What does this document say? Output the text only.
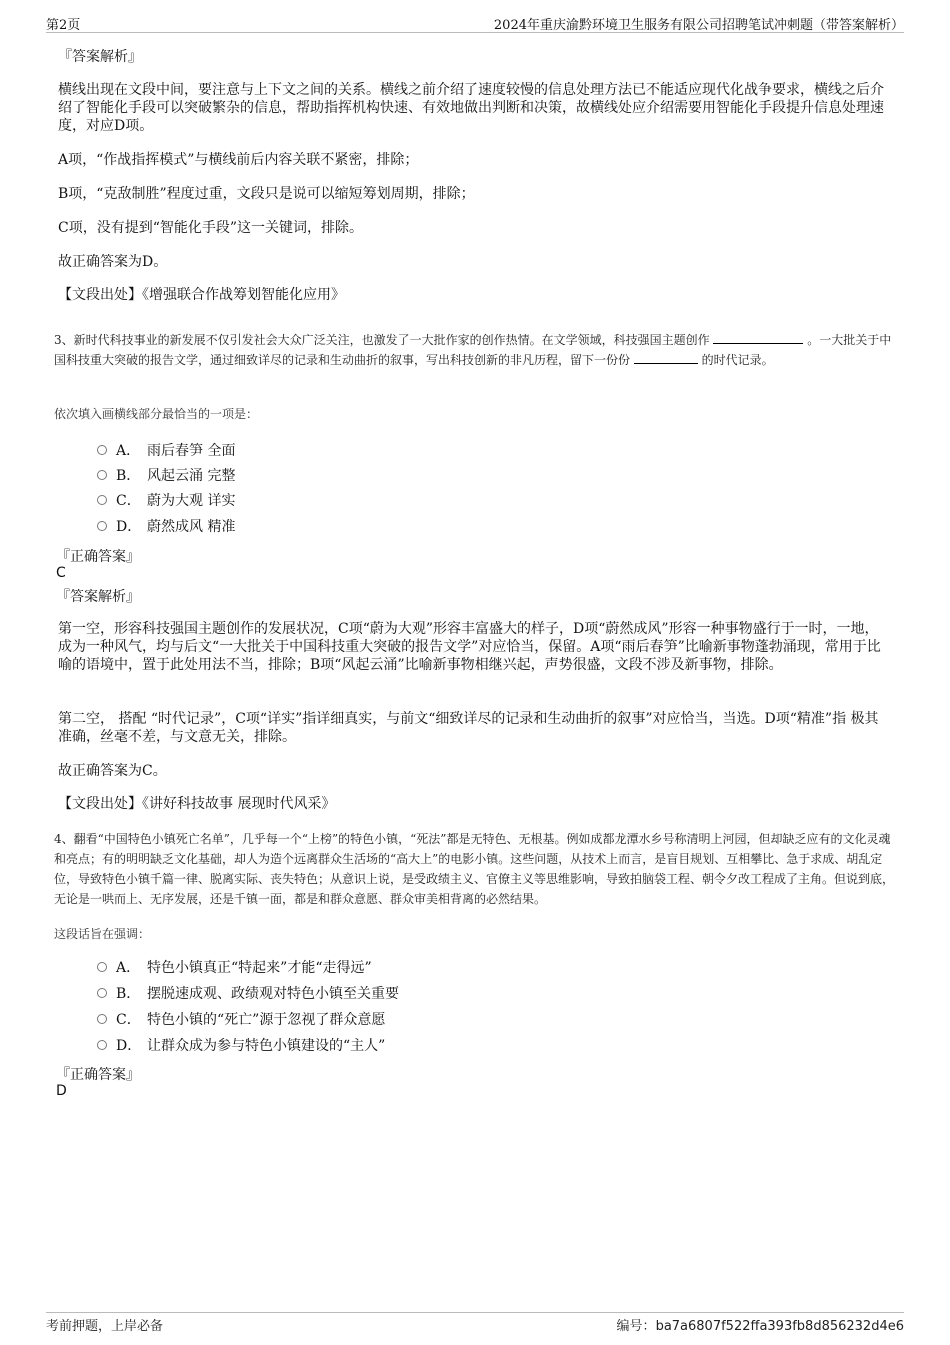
第2页	2024年重庆渝黔环境卫生服务有限公司招聘笔试冲刺题（带答案解析）
『答案解析』
横线出现在文段中间，要注意与上下文之间的关系。横线之前介绍了速度较慢的信息处理方法已不能适应现代化战争要求，横线之后介绍了智能化手段可以突破繁杂的信息，帮助指挥机构快速、有效地做出判断和决策，故横线处应介绍需要用智能化手段提升信息处理速度，对应D项。
A项，“作战指挥模式”与横线前后内容关联不紧密，排除；
B项，“克敌制胜”程度过重，文段只是说可以缩短筹划周期，排除；
C项，没有提到“智能化手段”这一关键词，排除。
故正确答案为D。
【文段出处】《增强联合作战筹划智能化应用》
3、新时代科技事业的新发展不仅引发社会大众广泛关注，也激发了一大批作家的创作热情。在文学领域，科技强国主题创作	。一大批关于中国科技重大突破的报告文学，通过细致详尽的记录和生动曲折的叙事，写出科技创新的非凡历程，留下一份份	的时代记录。
依次填入画横线部分最恰当的一项是：
A． 雨后春笋 全面
B． 风起云涌 完整
C． 蔚为大观 详实
D． 蔚然成风 精准
『正确答案』
C
『答案解析』
第一空，形容科技强国主题创作的发展状况，C项“蔚为大观”形容丰富盛大的样子，D项“蔚然成风”形容一种事物盛行于一时，一地，成为一种风气，均与后文“一大批关于中国科技重大突破的报告文学”对应恰当，保留。A项“雨后春笋”比喻新事物蓬勃涌现，常用于比喻的语境中，置于此处用法不当，排除；B项“风起云涌”比喻新事物相继兴起，声势很盛，文段不涉及新事物，排除。
第二空， 搭配 “时代记录”，C项“详实”指详细真实，与前文“细致详尽的记录和生动曲折的叙事”对应恰当，当选。D项“精准”指 极其准确，丝毫不差，与文意无关，排除。
故正确答案为C。
【文段出处】《讲好科技故事 展现时代风采》
4、翻看“中国特色小镇死亡名单”，几乎每一个“上榜”的特色小镇，“死法”都是无特色、无根基。例如成都龙潭水乡号称清明上河园，但却缺乏应有的文化灵魂和亮点；有的明明缺乏文化基础，却人为造个远离群众生活场的“高大上”的电影小镇。这些问题，从技术上而言，是盲目规划、互相攀比、急于求成、胡乱定位，导致特色小镇千篇一律、脱离实际、丧失特色；从意识上说，是受政绩主义、官僚主义等思维影响，导致拍脑袋工程、朝令夕改工程成了主角。但说到底，无论是一哄而上、无序发展，还是千镇一面，都是和群众意愿、群众审美相背离的必然结果。
这段话旨在强调：
A． 特色小镇真正“特起来”才能“走得远”
B． 摆脱速成观、政绩观对特色小镇至关重要
C． 特色小镇的“死亡”源于忽视了群众意愿
D． 让群众成为参与特色小镇建设的“主人”
『正确答案』
D
考前押题，上岸必备	编号：ba7a6807f522ffa393fb8d856232d4e6
